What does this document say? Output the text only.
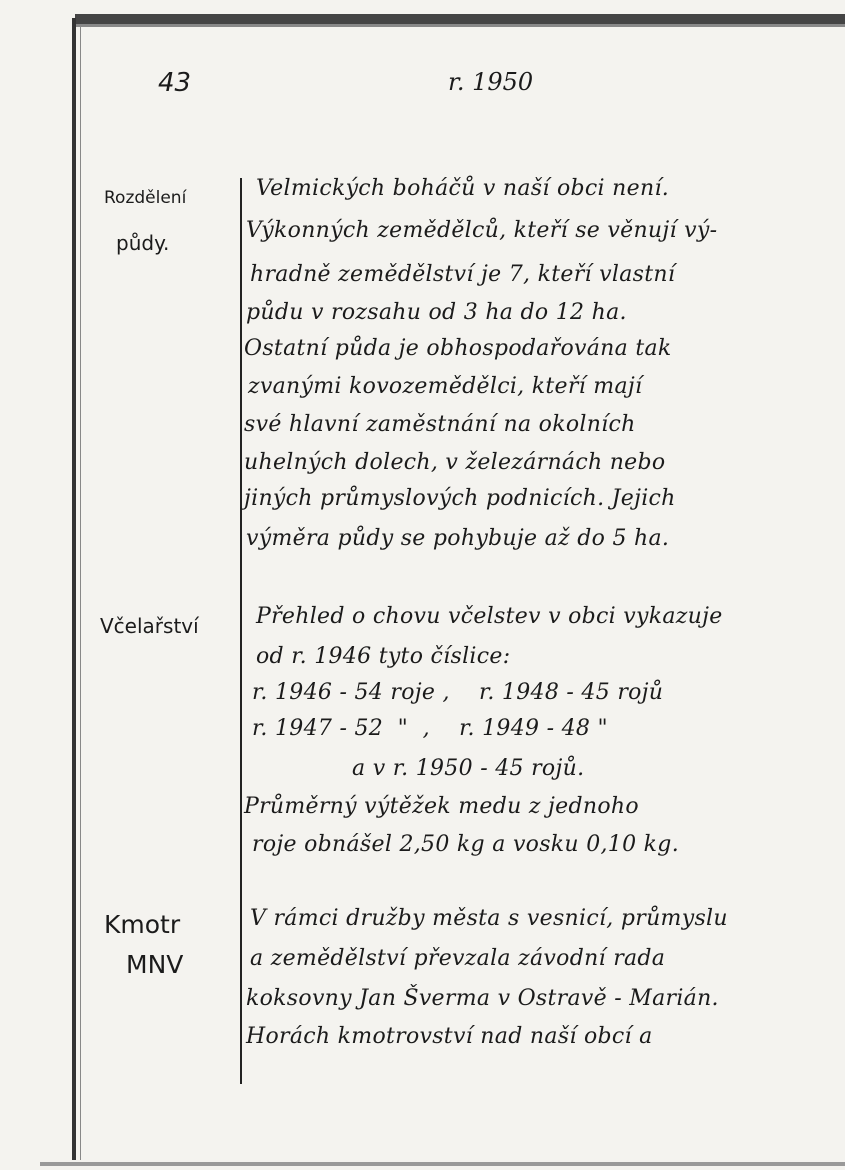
43	r. 1950
Rozdělení
půdy.
Velmických boháčů v naší obci není.
Výkonných zemědělců, kteří se věnují vý-
hradně zemědělství je 7, kteří vlastní
půdu v rozsahu od 3 ha do 12 ha.
Ostatní půda je obhospodařována tak
zvanými kovozemědělci, kteří mají
své hlavní zaměstnání na okolních
uhelných dolech, v železárnách nebo
jiných průmyslových podnicích. Jejich
výměra půdy se pohybuje až do 5 ha.
Včelařství	Přehled o chovu včelstev v obci vykazuje
od r. 1946 tyto číslice:
r. 1946 - 54 roje ,    r. 1948 - 45 rojů
r. 1947 - 52  "  ,    r. 1949 - 48 "
a v r. 1950 - 45 rojů.
Průměrný výtěžek medu z jednoho
roje obnášel 2,50 kg a vosku 0,10 kg.
Kmotr
MNV
V rámci družby města s vesnicí, průmyslu
a zemědělství převzala závodní rada
koksovny Jan Šverma v Ostravě - Marián.
Horách kmotrovství nad naší obcí a
